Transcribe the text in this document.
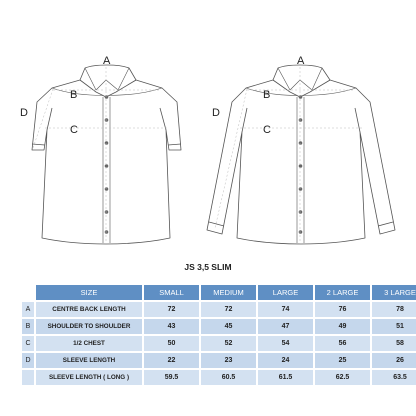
A
B
C
D
A
B
C
D
JS 3,5 SLIM
	SIZE	SMALL	MEDIUM	LARGE	2 LARGE	3 LARGE
A	CENTRE BACK LENGTH	72	72	74	76	78
B	SHOULDER TO SHOULDER	43	45	47	49	51
C	1/2 CHEST	50	52	54	56	58
D	SLEEVE LENGTH	22	23	24	25	26
	SLEEVE LENGTH ( LONG )	59.5	60.5	61.5	62.5	63.5
